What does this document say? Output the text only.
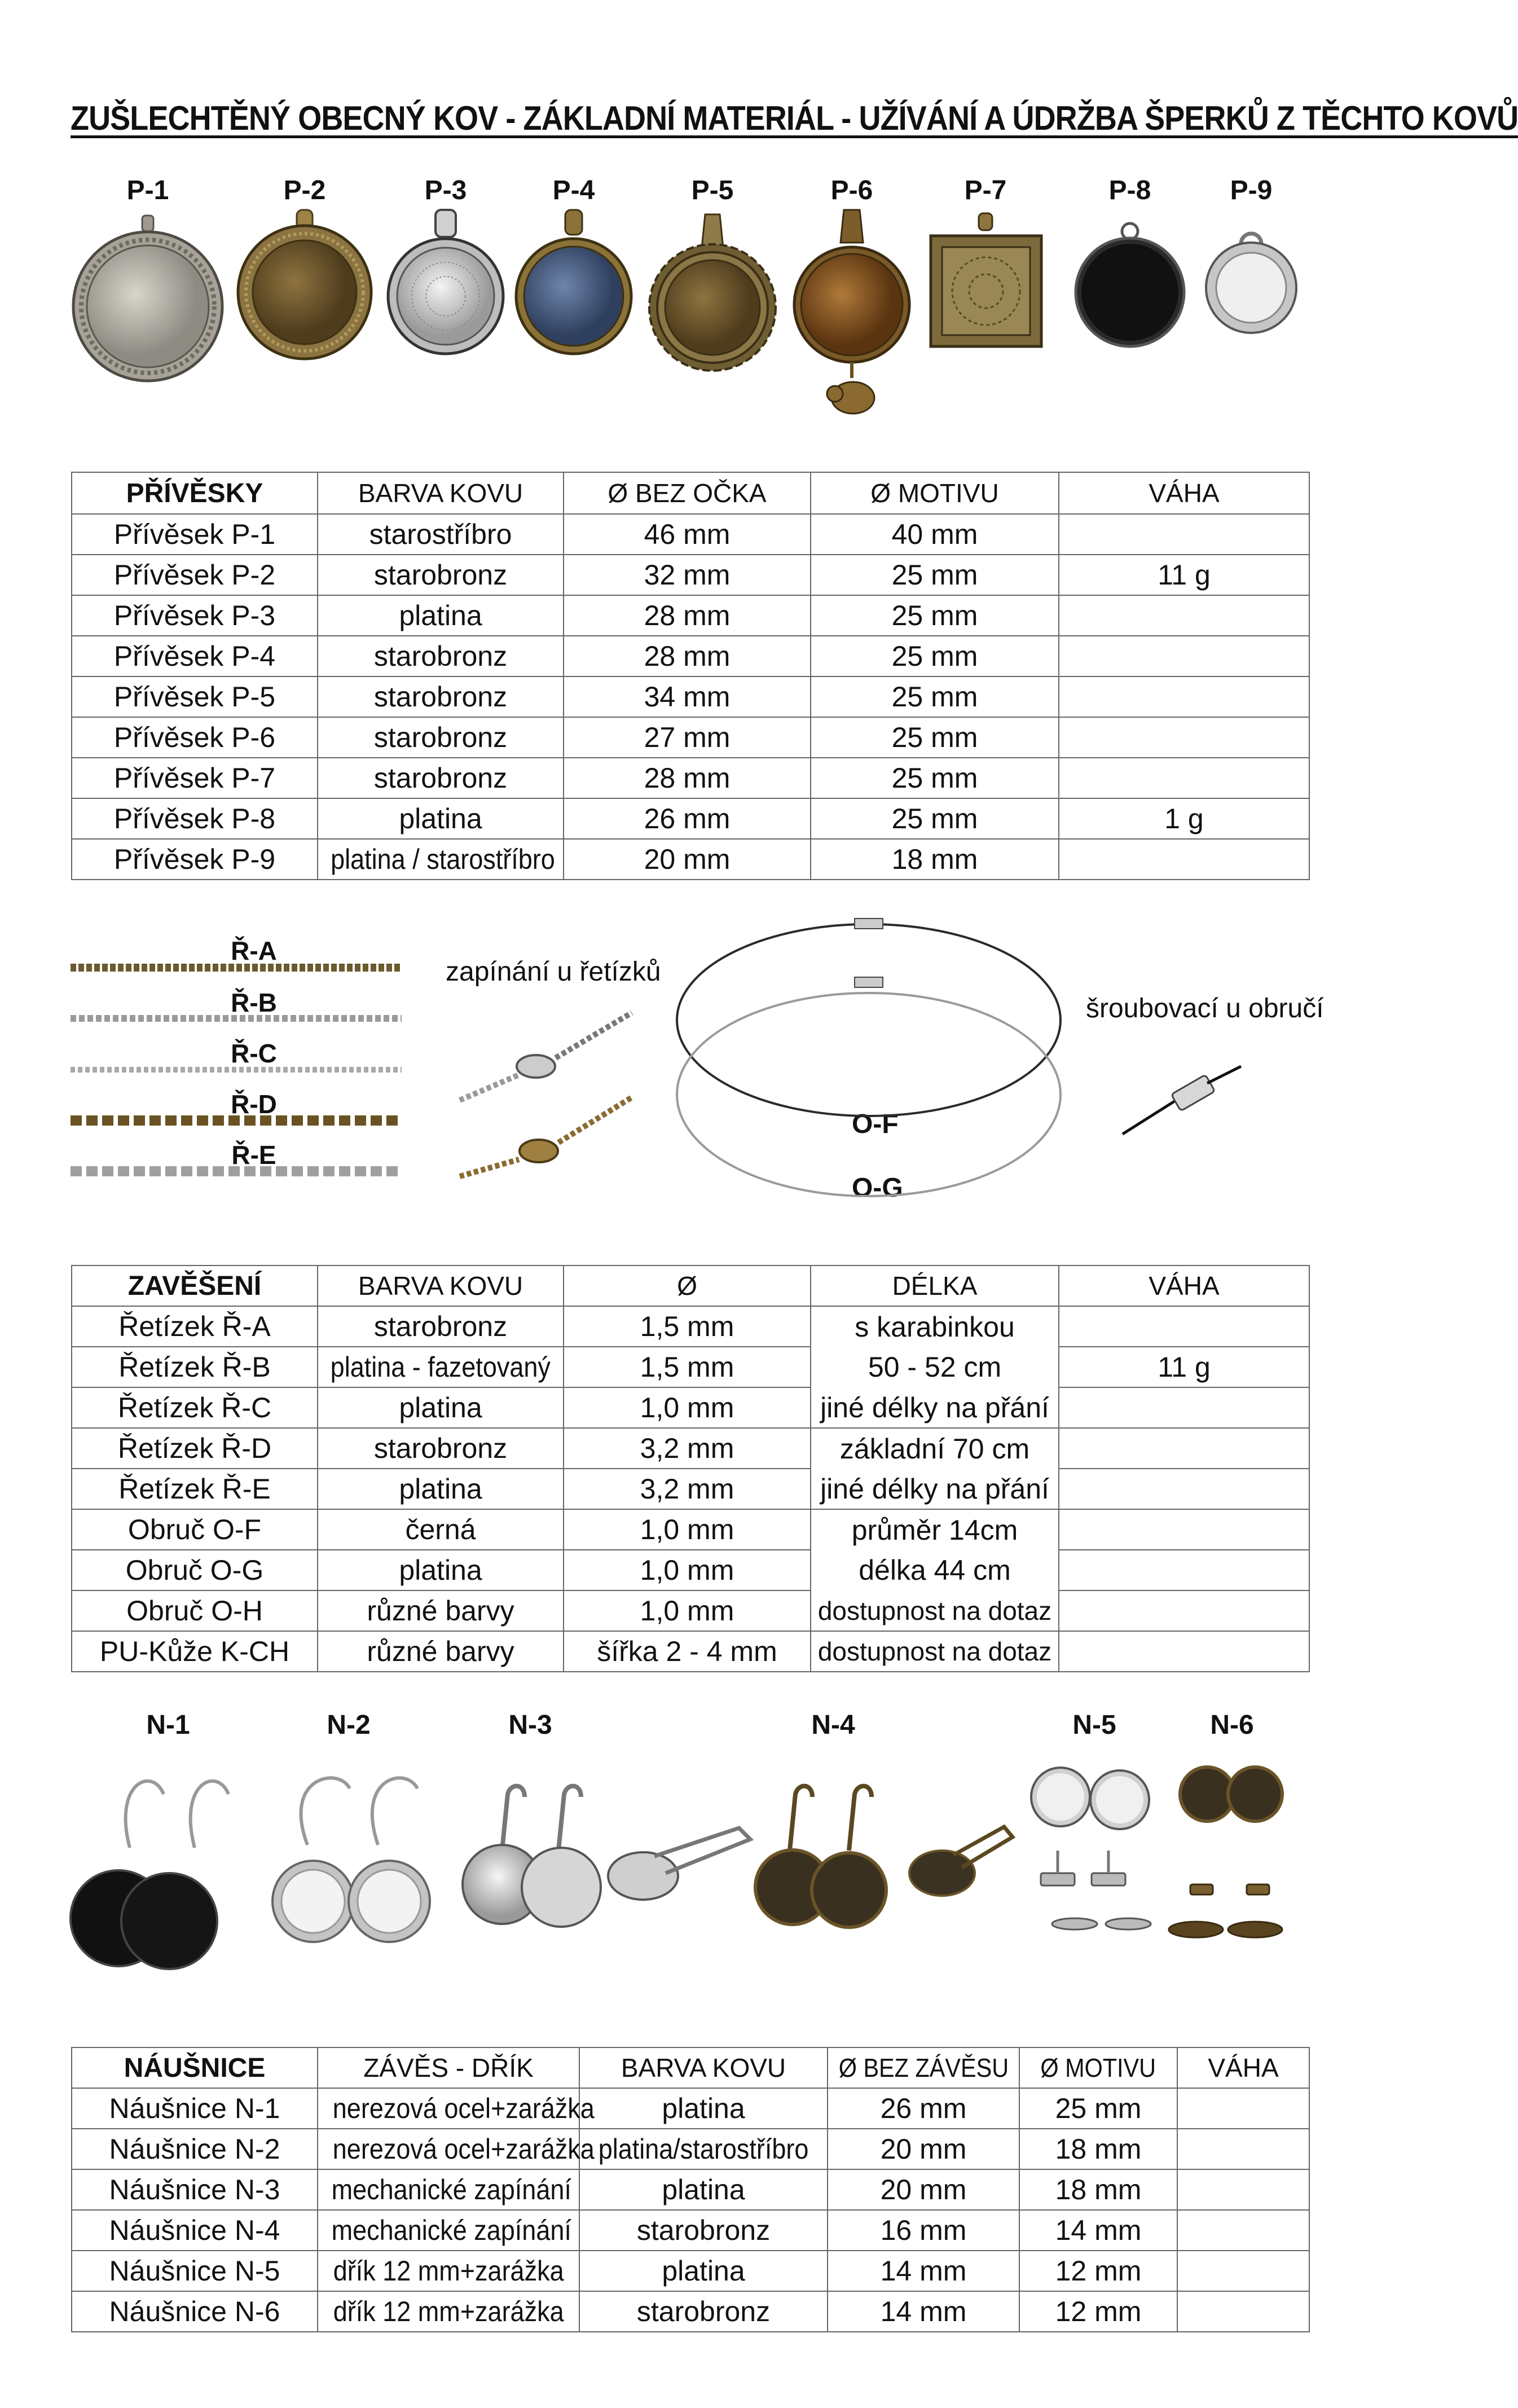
ZUŠLECHTĚNÝ OBECNÝ KOV - ZÁKLADNÍ MATERIÁL - UŽÍVÁNÍ A ÚDRŽBA ŠPERKŮ Z TĚCHTO KOVŮ
P-1	P-2	P-3	P-4	P-5	P-6	P-7	P-8	P-9
PŘÍVĚSKY	BARVA KOVU	Ø BEZ OČKA	Ø MOTIVU	VÁHA
Přívěsek P-1	starostříbro	46 mm	40 mm	
Přívěsek P-2	starobronz	32 mm	25 mm	11 g
Přívěsek P-3	platina	28 mm	25 mm	
Přívěsek P-4	starobronz	28 mm	25 mm	
Přívěsek P-5	starobronz	34 mm	25 mm	
Přívěsek P-6	starobronz	27 mm	25 mm	
Přívěsek P-7	starobronz	28 mm	25 mm	
Přívěsek P-8	platina	26 mm	25 mm	1 g
Přívěsek P-9	platina / starostříbro	20 mm	18 mm	
Ř-A
Ř-B
Ř-C
Ř-D
Ř-E
zapínání u řetízků
šroubovací u obručí
O-F
O-G
ZAVĚŠENÍ	BARVA KOVU	Ø	DÉLKA	VÁHA
Řetízek Ř-A	starobronz	1,5 mm	s karabinkou	
Řetízek Ř-B	platina - fazetovaný	1,5 mm	50 - 52 cm	11 g
Řetízek Ř-C	platina	1,0 mm	jiné délky na přání	
Řetízek Ř-D	starobronz	3,2 mm	základní 70 cm	
Řetízek Ř-E	platina	3,2 mm	jiné délky na přání	
Obruč O-F	černá	1,0 mm	průměr 14cm	
Obruč O-G	platina	1,0 mm	délka 44 cm	
Obruč O-H	různé barvy	1,0 mm	dostupnost na dotaz	
PU-Kůže K-CH	různé barvy	šířka 2 - 4 mm	dostupnost na dotaz	
N-1	N-2	N-3	N-4	N-5	N-6
NÁUŠNICE	ZÁVĚS - DŘÍK	BARVA KOVU	Ø BEZ ZÁVĚSU	Ø MOTIVU	VÁHA
Náušnice N-1	nerezová ocel+zarážka	platina	26 mm	25 mm	
Náušnice N-2	nerezová ocel+zarážka	platina/starostříbro	20 mm	18 mm	
Náušnice N-3	mechanické zapínání	platina	20 mm	18 mm	
Náušnice N-4	mechanické zapínání	starobronz	16 mm	14 mm	
Náušnice N-5	dřík 12 mm+zarážka	platina	14 mm	12 mm	
Náušnice N-6	dřík 12 mm+zarážka	starobronz	14 mm	12 mm	
